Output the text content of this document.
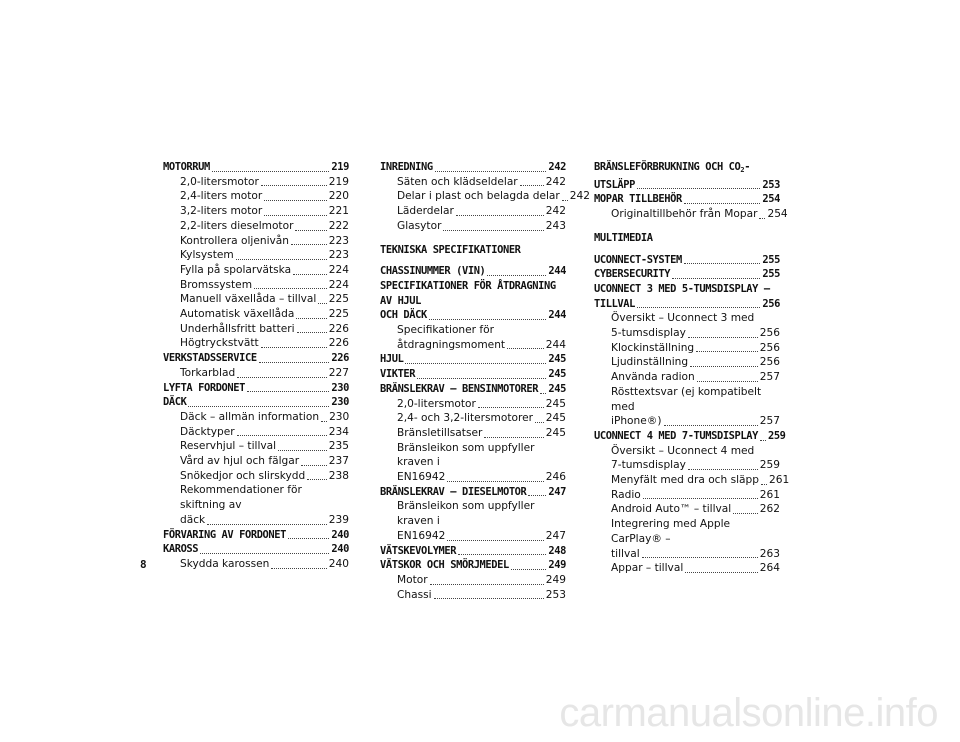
MOTORRUM	219
2,0-litersmotor	219
2,4-liters motor	220
3,2-liters motor	221
2,2-liters dieselmotor	222
Kontrollera oljenivån	223
Kylsystem	223
Fylla på spolarvätska	224
Bromssystem	224
Manuell växellåda – tillval 225
Automatisk växellåda	225
Underhållsfritt batteri	226
Högtryckstvätt	226
VERKSTADSSERVICE	226
Torkarblad	227
LYFTA FORDONET	230
DÄCK	230
Däck – allmän information 230
Däcktyper	234
Reservhjul – tillval	235
Vård av hjul och fälgar	237
Snökedjor och slirskydd 238
Rekommendationer för skiftning av
däck	239
FÖRVARING AV FORDONET	240
KAROSS	240
Skydda karossen	240
INREDNING	242
Säten och klädseldelar	242
Delar i plast och belagda delar 242
Läderdelar	242
Glasytor	243
TEKNISKA SPECIFIKATIONER
CHASSINUMMER (VIN)	244
SPECIFIKATIONER FÖR ÅTDRAGNING AV HJUL
OCH DÄCK	244
Specifikationer för
åtdragningsmoment	244
HJUL	245
VIKTER	245
BRÄNSLEKRAV – BENSINMOTORER 245
2,0-litersmotor	245
2,4- och 3,2-litersmotorer 245
Bränsletillsatser	245
Bränsleikon som uppfyller kraven i
EN16942	246
BRÄNSLEKRAV – DIESELMOTOR 247
Bränsleikon som uppfyller kraven i
EN16942	247
VÄTSKEVOLYMER	248
VÄTSKOR OCH SMÖRJMEDEL	249
Motor	249
Chassi	253
BRÄNSLEFÖRBRUKNING OCH $CO_2-$
UTSLÄPP	253
MOPAR TILLBEHÖR	254
Originaltillbehör från Mopar 254
MULTIMEDIA
UCONNECT-SYSTEM	255
CYBERSECURITY	255
UCONNECT 3 MED 5-TUMSDISPLAY –
TILLVAL	256
Översikt – Uconnect 3 med
5-tumsdisplay	256
Klockinställning	256
Ljudinställning	256
Använda radion	257
Rösttextsvar (ej kompatibelt med
iPhone®)	257
UCONNECT 4 MED 7-TUMSDISPLAY 259
Översikt – Uconnect 4 med
7-tumsdisplay	259
Menyfält med dra och släpp 261
Radio	261
Android Auto™ – tillval	262
Integrering med Apple CarPlay® –
tillval	263
Appar – tillval	264
8
carmanualsonline.info
